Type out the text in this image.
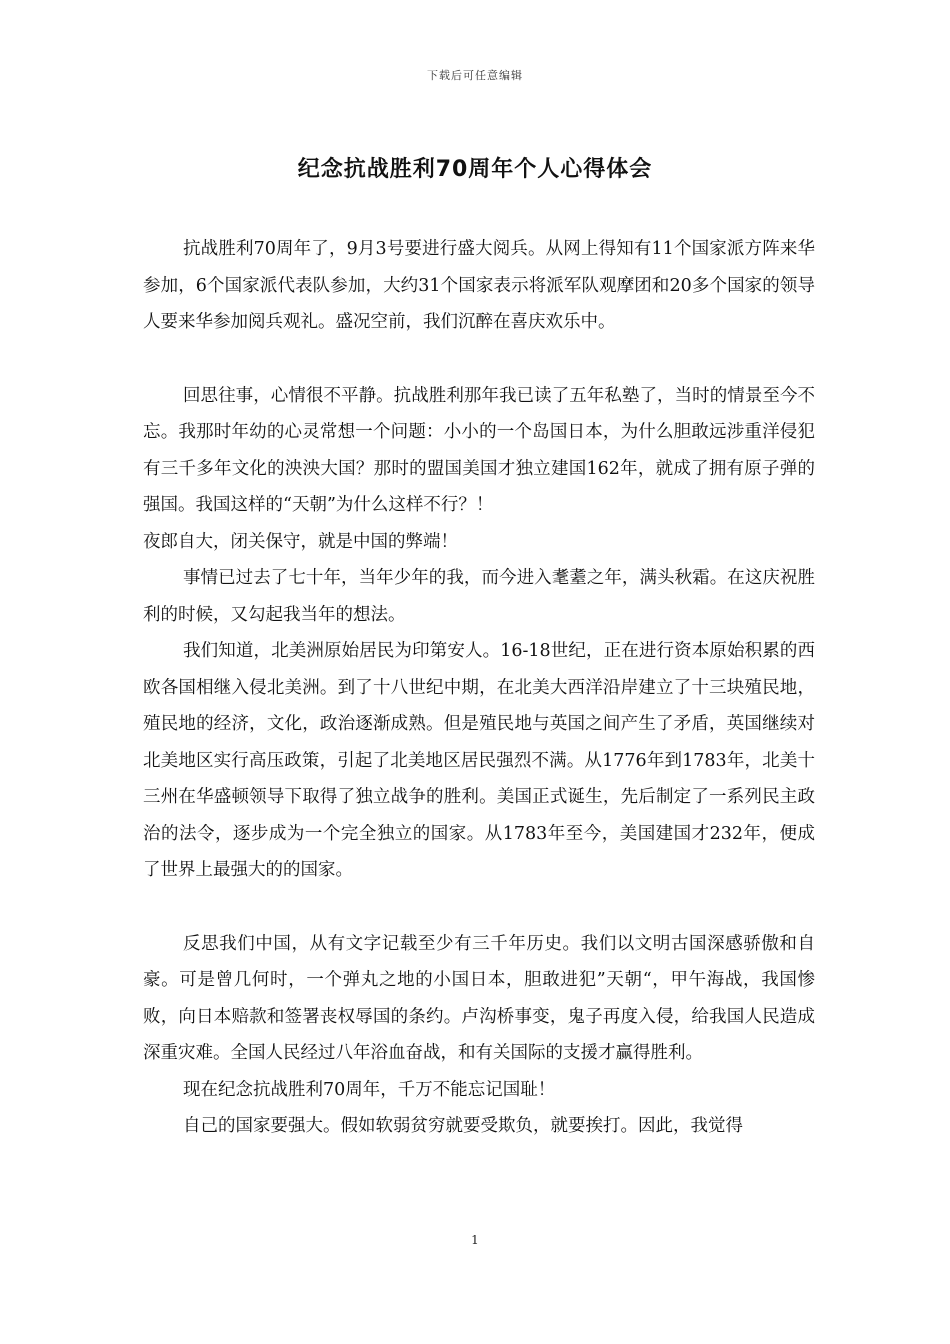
下载后可任意编辑
纪念抗战胜利70周年个人心得体会

抗战胜利70周年了，9月3号要进行盛大阅兵。从网上得知有11个国家派方阵来华参加，6个国家派代表队参加，大约31个国家表示将派军队观摩团和20多个国家的领导人要来华参加阅兵观礼。盛况空前，我们沉醉在喜庆欢乐中。

回思往事，心情很不平静。抗战胜利那年我已读了五年私塾了，当时的情景至今不忘。我那时年幼的心灵常想一个问题：小小的一个岛国日本，为什么胆敢远涉重洋侵犯有三千多年文化的泱泱大国？那时的盟国美国才独立建国162年，就成了拥有原子弹的强国。我国这样的“天朝”为什么这样不行？！

夜郎自大，闭关保守，就是中国的弊端！

事情已过去了七十年，当年少年的我，而今进入耄耋之年，满头秋霜。在这庆祝胜利的时候，又勾起我当年的想法。

我们知道，北美洲原始居民为印第安人。16-18世纪，正在进行资本原始积累的西欧各国相继入侵北美洲。到了十八世纪中期，在北美大西洋沿岸建立了十三块殖民地，殖民地的经济，文化，政治逐渐成熟。但是殖民地与英国之间产生了矛盾，英国继续对北美地区实行高压政策，引起了北美地区居民强烈不满。从1776年到1783年，北美十三州在华盛顿领导下取得了独立战争的胜利。美国正式诞生，先后制定了一系列民主政治的法令，逐步成为一个完全独立的国家。从1783年至今，美国建国才232年，便成了世界上最强大的的国家。

反思我们中国，从有文字记载至少有三千年历史。我们以文明古国深感骄傲和自豪。可是曾几何时，一个弹丸之地的小国日本，胆敢进犯”天朝“，甲午海战，我国惨败，向日本赔款和签署丧权辱国的条约。卢沟桥事变，鬼子再度入侵，给我国人民造成深重灾难。全国人民经过八年浴血奋战，和有关国际的支援才赢得胜利。

现在纪念抗战胜利70周年，千万不能忘记国耻！

自己的国家要强大。假如软弱贫穷就要受欺负，就要挨打。因此，我觉得

1
